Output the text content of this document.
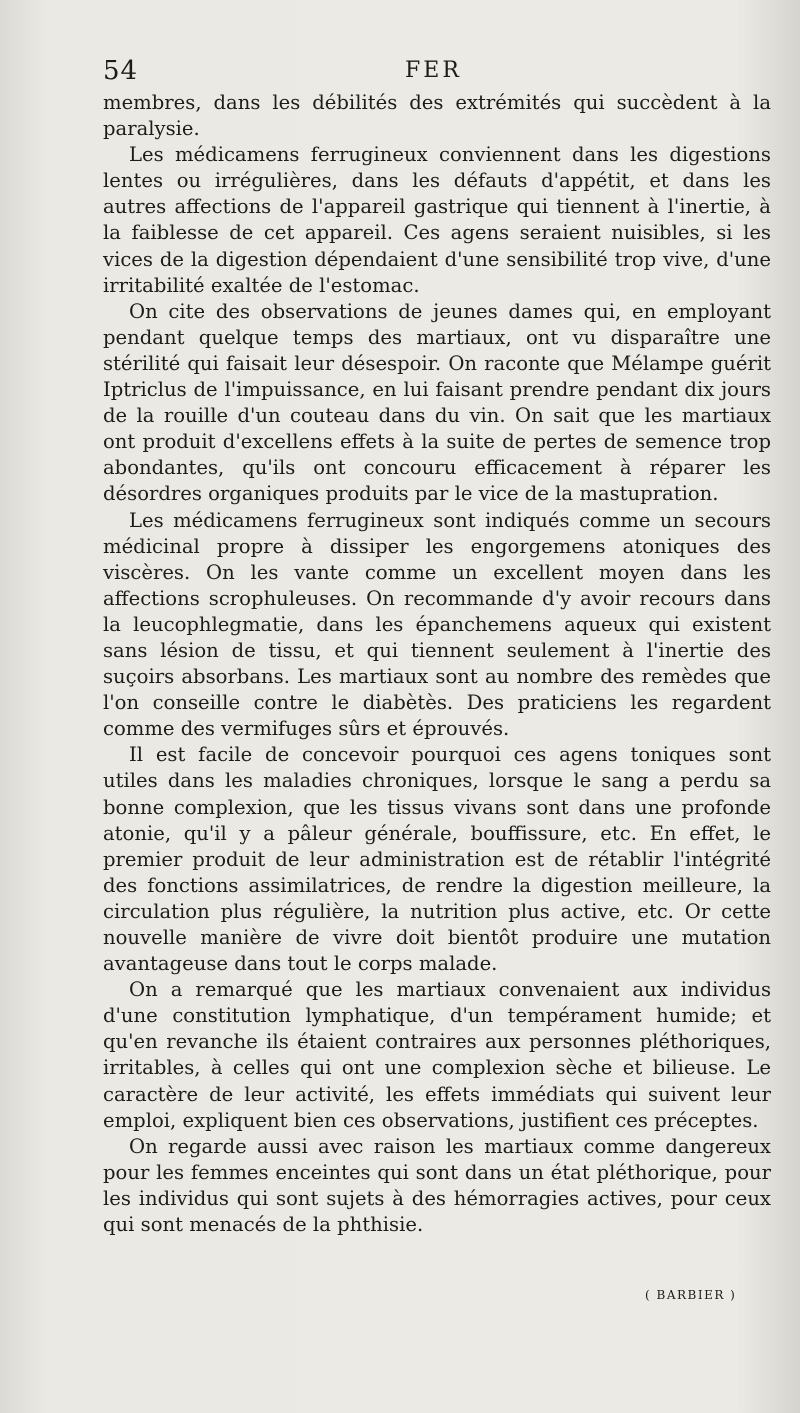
54	FER

membres, dans les débilités des extrémités qui succèdent à la paralysie.

Les médicamens ferrugineux conviennent dans les digestions lentes ou irrégulières, dans les défauts d'appétit, et dans les autres affections de l'appareil gastrique qui tiennent à l'inertie, à la faiblesse de cet appareil. Ces agens seraient nuisibles, si les vices de la digestion dépendaient d'une sensibilité trop vive, d'une irritabilité exaltée de l'estomac.

On cite des observations de jeunes dames qui, en employant pendant quelque temps des martiaux, ont vu disparaître une stérilité qui faisait leur désespoir. On raconte que Mélampe guérit Iptriclus de l'impuissance, en lui faisant prendre pendant dix jours de la rouille d'un couteau dans du vin. On sait que les martiaux ont produit d'excellens effets à la suite de pertes de semence trop abondantes, qu'ils ont concouru efficacement à réparer les désordres organiques produits par le vice de la mastupration.

Les médicamens ferrugineux sont indiqués comme un secours médicinal propre à dissiper les engorgemens atoniques des viscères. On les vante comme un excellent moyen dans les affections scrophuleuses. On recommande d'y avoir recours dans la leucophlegmatie, dans les épanchemens aqueux qui existent sans lésion de tissu, et qui tiennent seulement à l'inertie des suçoirs absorbans. Les martiaux sont au nombre des remèdes que l'on conseille contre le diabètès. Des praticiens les regardent comme des vermifuges sûrs et éprouvés.

Il est facile de concevoir pourquoi ces agens toniques sont utiles dans les maladies chroniques, lorsque le sang a perdu sa bonne complexion, que les tissus vivans sont dans une profonde atonie, qu'il y a pâleur générale, bouffissure, etc. En effet, le premier produit de leur administration est de rétablir l'intégrité des fonctions assimilatrices, de rendre la digestion meilleure, la circulation plus régulière, la nutrition plus active, etc. Or cette nouvelle manière de vivre doit bientôt produire une mutation avantageuse dans tout le corps malade.

On a remarqué que les martiaux convenaient aux individus d'une constitution lymphatique, d'un tempérament humide; et qu'en revanche ils étaient contraires aux personnes pléthoriques, irritables, à celles qui ont une complexion sèche et bilieuse. Le caractère de leur activité, les effets immédiats qui suivent leur emploi, expliquent bien ces observations, justifient ces préceptes.

On regarde aussi avec raison les martiaux comme dangereux pour les femmes enceintes qui sont dans un état pléthorique, pour les individus qui sont sujets à des hémorragies actives, pour ceux qui sont menacés de la phthisie.

( BARBIER )
